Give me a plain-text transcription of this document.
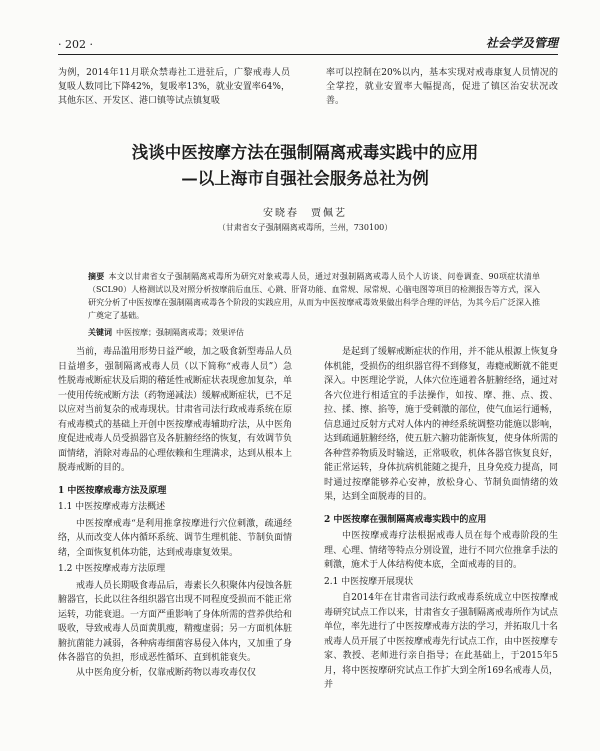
· 202 ·	社会学及管理
为例，2014年11月联众禁毒社工进驻后，广黎戒毒人员复吸人数同比下降42%，复吸率13%，就业安置率64%，其他东区、开发区、港口镇等试点镇复吸
率可以控制在20%以内，基本实现对戒毒康复人员情况的全掌控，就业安置率大幅提高，促进了镇区治安状况改善。

浅谈中医按摩方法在强制隔离戒毒实践中的应用

—以上海市自强社会服务总社为例

安晓春　贾佩艺
（甘肃省女子强制隔离戒毒所，兰州，730100）
摘要 本文以甘肃省女子强制隔离戒毒所为研究对象戒毒人员，通过对强制隔离戒毒人员个人访谈、问卷调查、90项症状清单（SCL90）人格测试以及对照分析按摩前后血压、心跳、肝肾功能、血常规、尿常规、心脑电图等项目的检测报告等方式，深入研究分析了中医按摩在强制隔离戒毒各个阶段的实践应用，从而为中医按摩戒毒效果做出科学合理的评估，为其今后广泛深入推广奠定了基础。
关键词 中医按摩；强制隔离戒毒；效果评估

当前，毒品滥用形势日益严峻，加之吸食新型毒品人员日益增多，强制隔离戒毒人员（以下简称“戒毒人员”）急性脱毒戒断症状及后期的稽延性戒断症状表现愈加复杂，单一使用传统戒断方法（药物递减法）缓解戒断症状，已不足以应对当前复杂的戒毒现状。甘肃省司法行政戒毒系统在原有戒毒模式的基础上开创中医按摩戒毒辅助疗法，从中医角度促进戒毒人员受损器官及各脏腑经络的恢复，有效调节负面情绪，消除对毒品的心理依赖和生理满求，达到从根本上脱毒戒断的目的。

1 中医按摩戒毒方法及原理
1.1 中医按摩戒毒方法概述

中医按摩戒毒“是利用推拿按摩进行穴位刺激，疏通经络，从而改变人体内循环系统、调节生理机能、节制负面情绪，全面恢复机体功能，达到戒毒康复效果。

1.2 中医按摩戒毒方法原理

戒毒人员长期吸食毒品后，毒素长久积聚体内侵蚀各脏腑器官，长此以往各组织器官出现不同程度受损而不能正常运转，功能衰退。一方面严重影响了身体所需的营养供给和吸收，导致戒毒人员面黄肌瘦，精瘦虚弱；另一方面机体脏腑抗菌能力减弱，各种病毒细菌容易侵入体内，又加重了身体各器官的负担，形成恶性循环、直到机能衰失。

从中医角度分析，仅靠戒断药物以毒攻毒仅仅

是起到了缓解戒断症状的作用，并不能从根源上恢复身体机能，受损伤的组织器官得不到修复，毒瘾戒断就不能更深入。中医理论学说，人体穴位连通着各脏腑经络，通过对各穴位进行相适宜的手法操作，如按、摩、推、点、拨、拉、揉、擦、掐等，施于受刺激的部位，使气血运行通畅，信息通过反射方式对人体内的神经系统调整功能施以影响，达到疏通脏腑经络，使五脏六腑功能渐恢复，使身体所需的各种营养物质及时输送，正常吸收，机体各器官恢复良好，能正常运转，身体抗病机能随之提升，且身免疫力提高，同时通过按摩能够养心安神，放松身心、节制负面情绪的效果，达到全面脱毒的目的。

2 中医按摩在强制隔离戒毒实践中的应用

中医按摩戒毒疗法根据戒毒人员在每个戒毒阶段的生理、心理、情绪等特点分别设置，进行不同穴位推拿手法的刺激，施术于人体结构使本底，全面戒毒的目的。

2.1 中医按摩开展现状

自2014年在甘肃省司法行政戒毒系统成立中医按摩戒毒研究试点工作以来，甘肃省女子强制隔离戒毒所作为试点单位，率先进行了中医按摩戒毒方法的学习，并拓取几十名戒毒人员开展了中医按摩戒毒先行试点工作，由中医按摩专家、教授、老师进行亲自指导；在此基础上，于2015年5月，将中医按摩研究试点工作扩大到全所169名戒毒人员，并
